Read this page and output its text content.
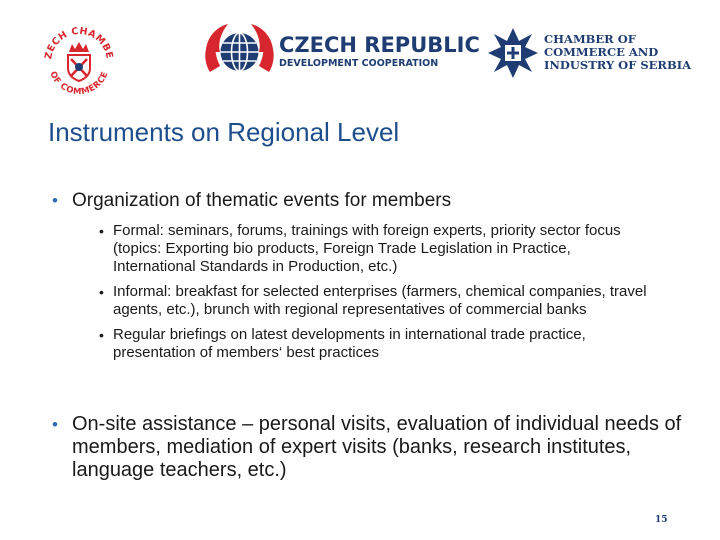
ZECH CHAMBE
OF COMMERCE
CZECH REPUBLIC
DEVELOPMENT COOPERATION
CHAMBER OF
COMMERCE AND
INDUSTRY OF SERBIA
Instruments on Regional Level
• Organization of thematic events for members
• Formal: seminars, forums, trainings with foreign experts, priority sector focus (topics: Exporting bio products, Foreign Trade Legislation in Practice, International Standards in Production, etc.)
• Informal: breakfast for selected enterprises (farmers, chemical companies, travel agents, etc.), brunch with regional representatives of commercial banks
• Regular briefings on latest developments in international trade practice, presentation of members‘ best practices
• On-site assistance – personal visits, evaluation of individual needs of members, mediation of expert visits (banks, research institutes, language teachers, etc.)
15
